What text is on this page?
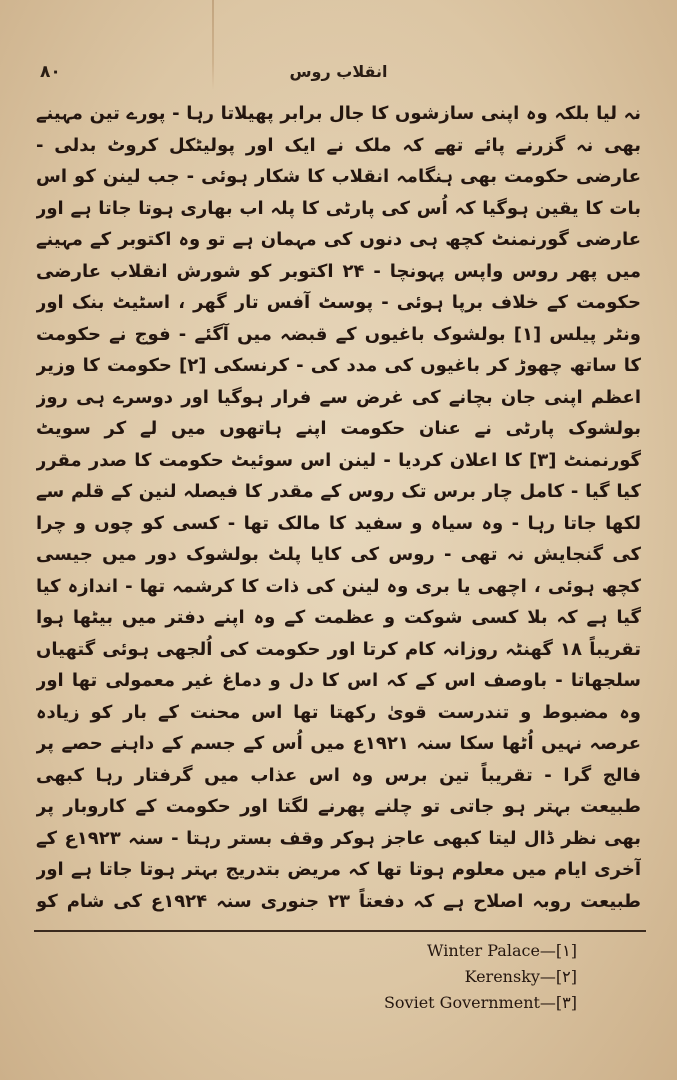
۸۰	انقلاب روس

نہ لیا بلکہ وہ اپنی سازشوں کا جال برابر پھیلاتا رہا - پورے تین مہینے بھی نہ گزرنے پائے تھے کہ ملک نے ایک اور پولیٹکل کروٹ بدلی - عارضی حکومت بھی ہنگامہ انقلاب کا شکار ہوئی - جب لینن کو اس بات کا یقین ہوگیا کہ اُس کی پارٹی کا پلہ اب بھاری ہوتا جاتا ہے اور عارضی گورنمنٹ کچھ ہی دنوں کی مہمان ہے تو وہ اکتوبر کے مہینے میں پھر روس واپس پہونچا - ۲۴ اکتوبر کو شورش انقلاب عارضی حکومت کے خلاف برپا ہوئی - پوسٹ آفس تار گھر ، اسٹیٹ بنک اور ونٹر پیلس [۱] بولشوک باغیوں کے قبضہ میں آگئے - فوج نے حکومت کا ساتھ چھوڑ کر باغیوں کی مدد کی - کرنسکی [۲] حکومت کا وزیر اعظم اپنی جان بچانے کی غرض سے فرار ہوگیا اور دوسرے ہی روز بولشوک پارٹی نے عنان حکومت اپنے ہاتھوں میں لے کر سویٹ گورنمنٹ [۳] کا اعلان کردیا - لینن اس سوئیٹ حکومت کا صدر مقرر کیا گیا - کامل چار برس تک روس کے مقدر کا فیصلہ لنین کے قلم سے لکھا جاتا رہا - وہ سیاہ و سفید کا مالک تھا - کسی کو چوں و چرا کی گنجایش نہ تھی - روس کی کایا پلٹ بولشوک دور میں جیسی کچھ ہوئی ، اچھی یا بری وہ لینن کی ذات کا کرشمہ تھا - اندازہ کیا گیا ہے کہ بلا کسی شوکت و عظمت کے وہ اپنے دفتر میں بیٹھا ہوا تقریباً ۱۸ گھنٹہ روزانہ کام کرتا اور حکومت کی اُلجھی ہوئی گتھیاں سلجھاتا - باوصف اس کے کہ اس کا دل و دماغ غیر معمولی تھا اور وہ مضبوط و تندرست قویٰ رکھتا تھا اس محنت کے بار کو زیادہ عرصہ نہیں اُٹھا سکا سنہ ۱۹۲۱ع میں اُس کے جسم کے داہنے حصے پر فالج گرا - تقریباً تین برس وہ اس عذاب میں گرفتار رہا کبھی طبیعت بہتر ہو جاتی تو چلنے پھرنے لگتا اور حکومت کے کاروبار پر بھی نظر ڈال لیتا کبھی عاجز ہوکر وقف بستر رہتا - سنہ ۱۹۲۳ع کے آخری ایام میں معلوم ہوتا تھا کہ مریض بتدریج بہتر ہوتا جاتا ہے اور طبیعت روبہ اصلاح ہے کہ دفعتاً ۲۳ جنوری سنہ ۱۹۲۴ع کی شام کو

Winter Palace—[۱]
Kerensky—[۲]
Soviet Government—[۳]
